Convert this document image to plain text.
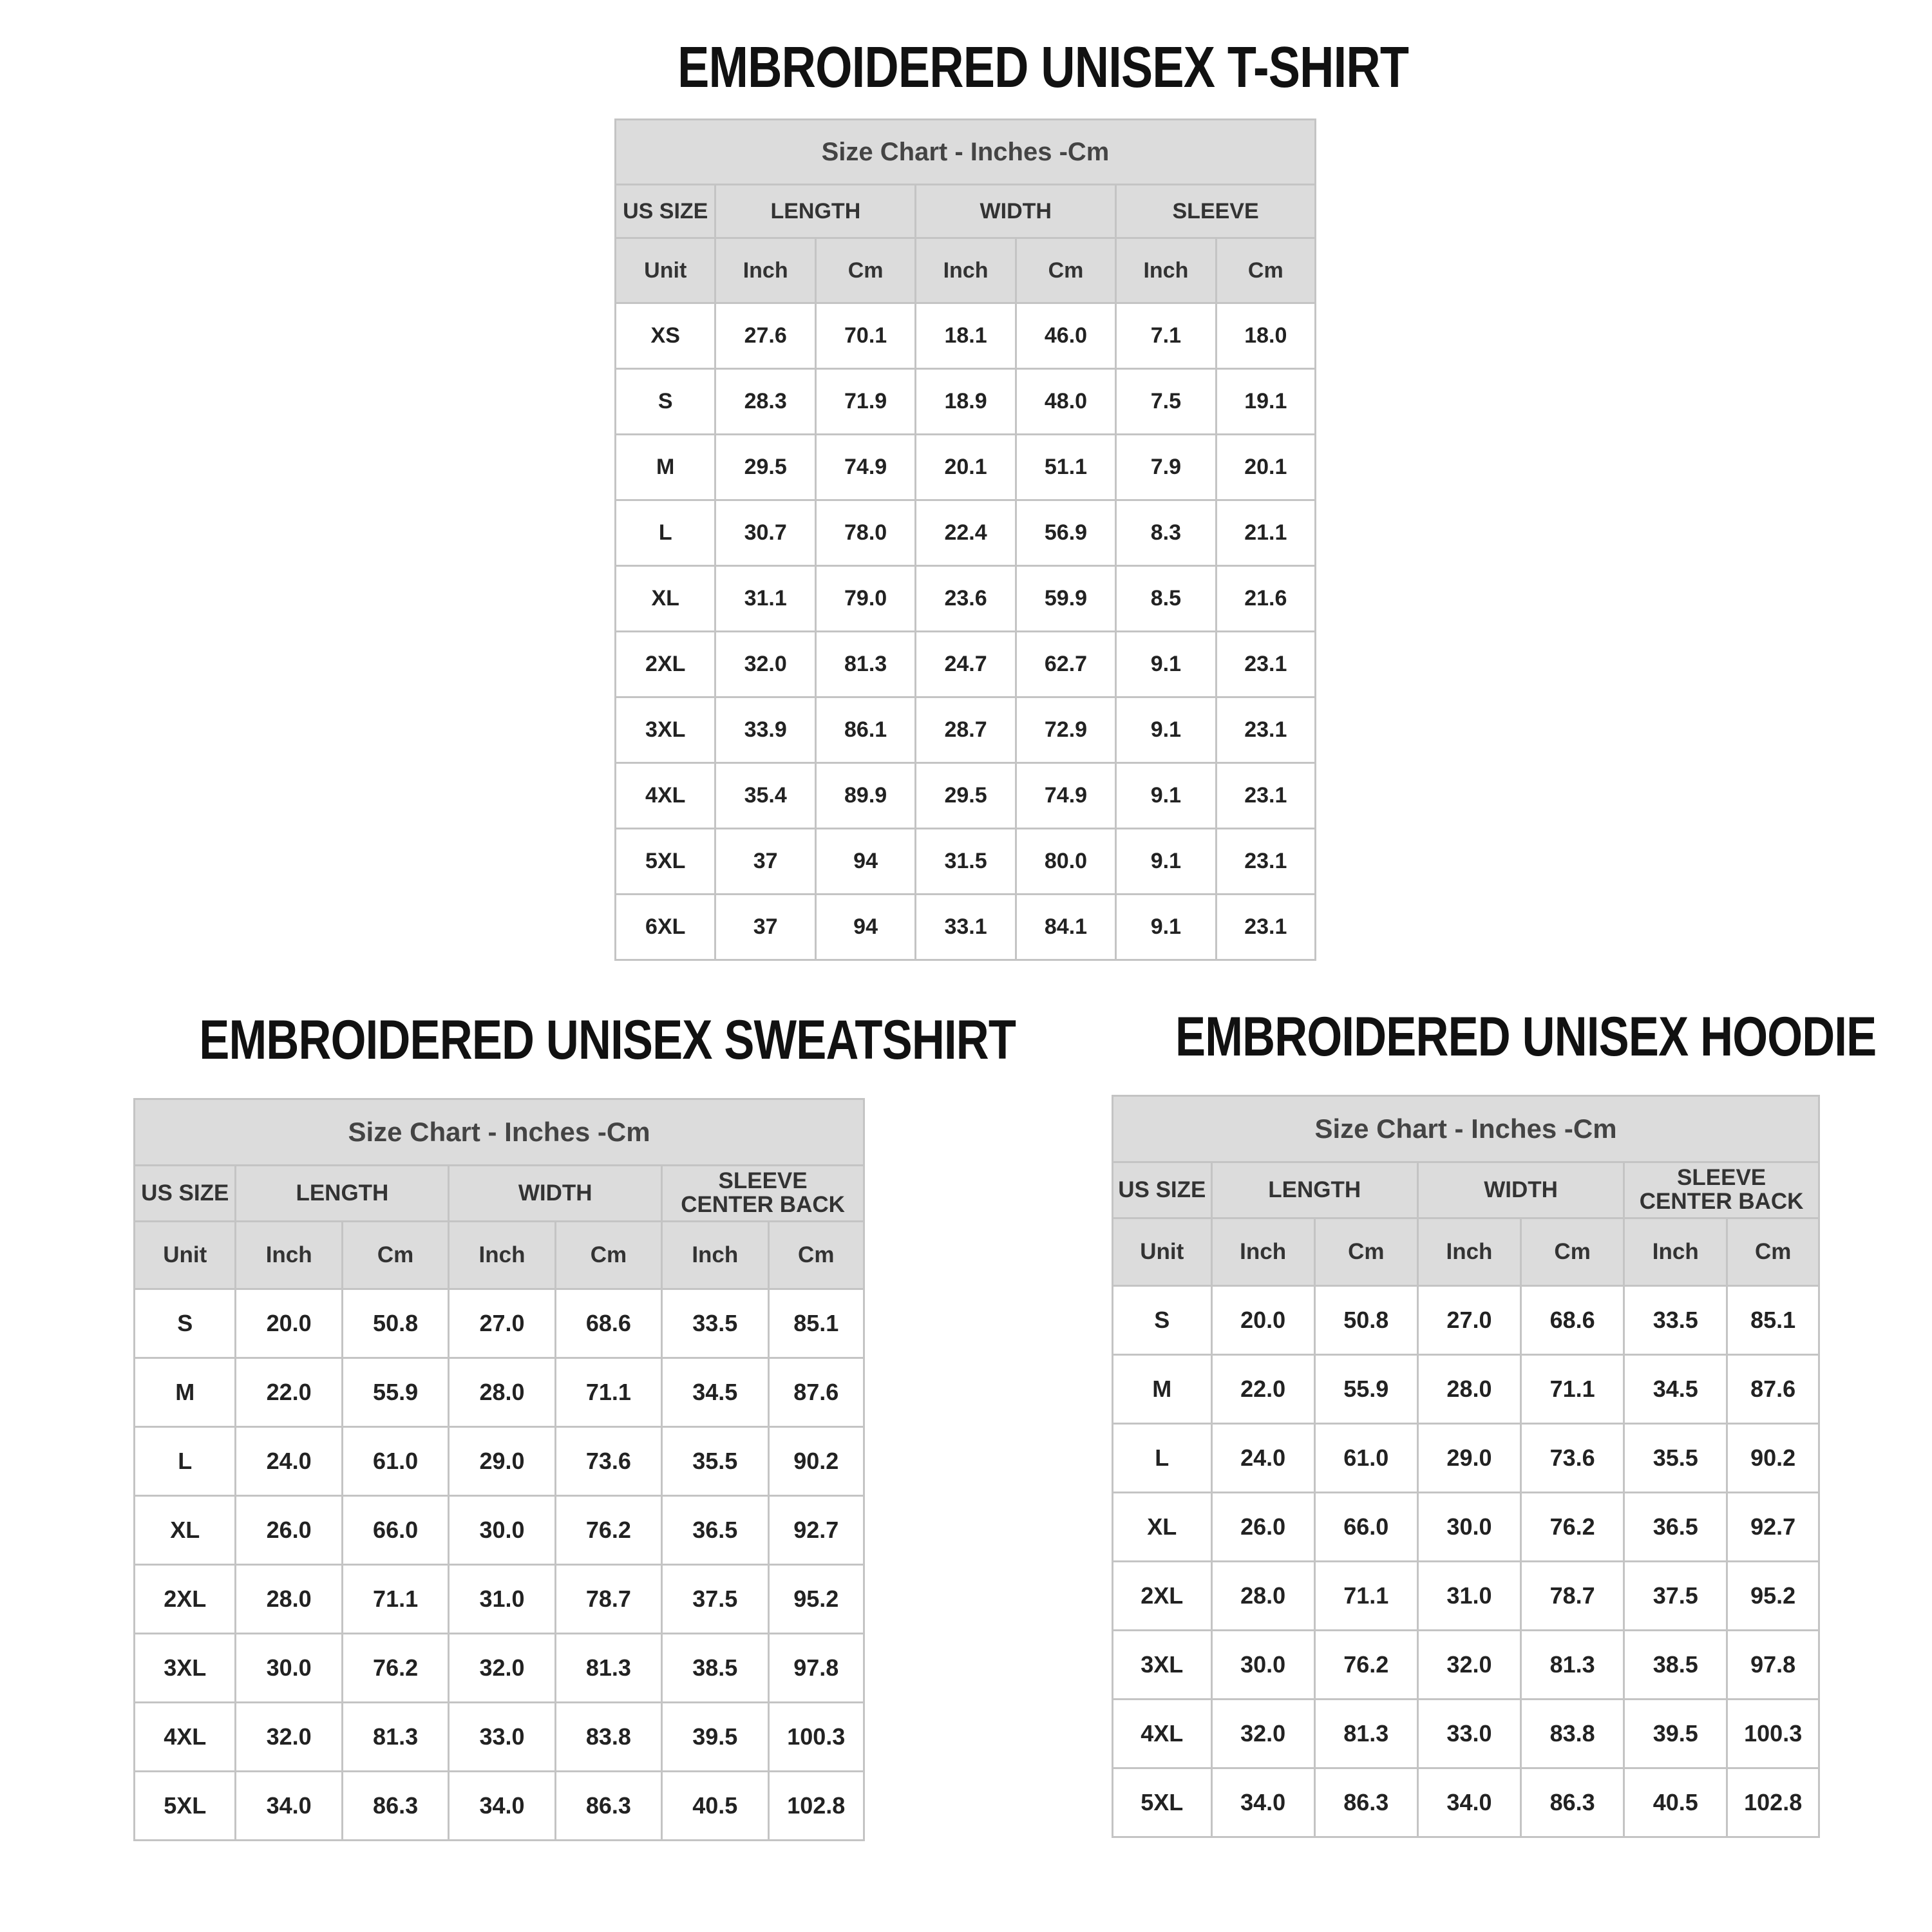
EMBROIDERED UNISEX T-SHIRT
Size Chart - Inches -Cm						
US SIZE	LENGTH		WIDTH		SLEEVE	
Unit	Inch	Cm	Inch	Cm	Inch	Cm
XS	27.6	70.1	18.1	46.0	7.1	18.0
S	28.3	71.9	18.9	48.0	7.5	19.1
M	29.5	74.9	20.1	51.1	7.9	20.1
L	30.7	78.0	22.4	56.9	8.3	21.1
XL	31.1	79.0	23.6	59.9	8.5	21.6
2XL	32.0	81.3	24.7	62.7	9.1	23.1
3XL	33.9	86.1	28.7	72.9	9.1	23.1
4XL	35.4	89.9	29.5	74.9	9.1	23.1
5XL	37	94	31.5	80.0	9.1	23.1
6XL	37	94	33.1	84.1	9.1	23.1
EMBROIDERED UNISEX SWEATSHIRT
Size Chart - Inches -Cm						
US SIZE	LENGTH		WIDTH		SLEEVE
CENTER BACK	
Unit	Inch	Cm	Inch	Cm	Inch	Cm
S	20.0	50.8	27.0	68.6	33.5	85.1
M	22.0	55.9	28.0	71.1	34.5	87.6
L	24.0	61.0	29.0	73.6	35.5	90.2
XL	26.0	66.0	30.0	76.2	36.5	92.7
2XL	28.0	71.1	31.0	78.7	37.5	95.2
3XL	30.0	76.2	32.0	81.3	38.5	97.8
4XL	32.0	81.3	33.0	83.8	39.5	100.3
5XL	34.0	86.3	34.0	86.3	40.5	102.8
EMBROIDERED UNISEX HOODIE
Size Chart - Inches -Cm						
US SIZE	LENGTH		WIDTH		SLEEVE
CENTER BACK	
Unit	Inch	Cm	Inch	Cm	Inch	Cm
S	20.0	50.8	27.0	68.6	33.5	85.1
M	22.0	55.9	28.0	71.1	34.5	87.6
L	24.0	61.0	29.0	73.6	35.5	90.2
XL	26.0	66.0	30.0	76.2	36.5	92.7
2XL	28.0	71.1	31.0	78.7	37.5	95.2
3XL	30.0	76.2	32.0	81.3	38.5	97.8
4XL	32.0	81.3	33.0	83.8	39.5	100.3
5XL	34.0	86.3	34.0	86.3	40.5	102.8
